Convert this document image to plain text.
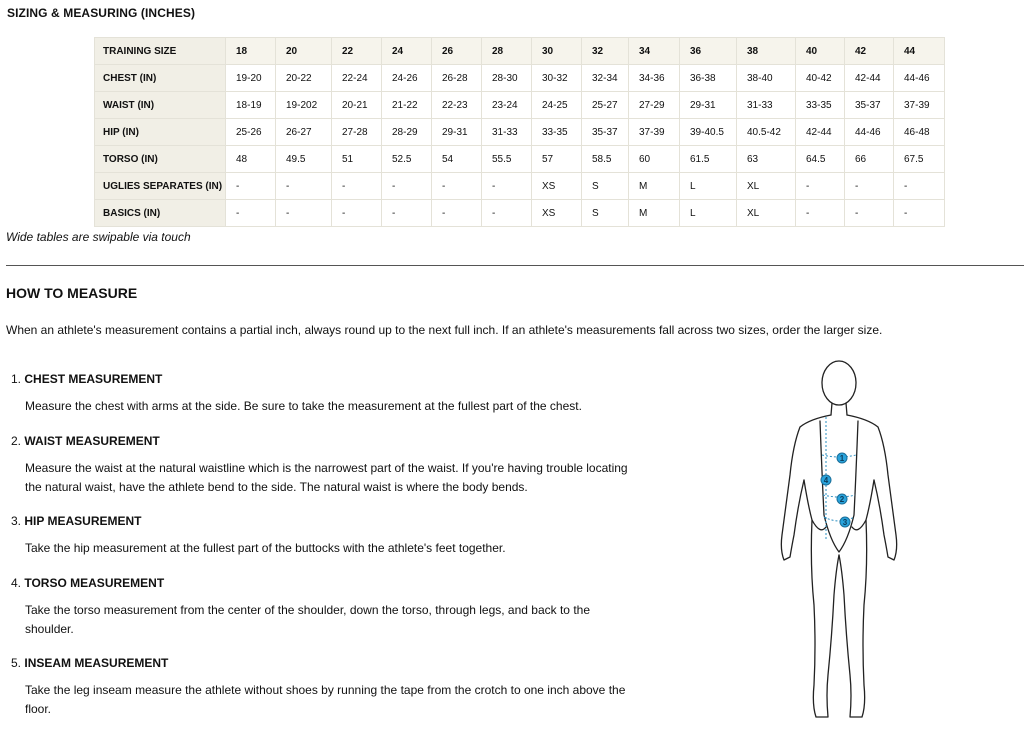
SIZING & MEASURING (INCHES)
TRAINING SIZE	18	20	22	24	26	28	30	32	34	36	38	40	42	44
CHEST (IN)	19-20	20-22	22-24	24-26	26-28	28-30	30-32	32-34	34-36	36-38	38-40	40-42	42-44	44-46
WAIST (IN)	18-19	19-202	20-21	21-22	22-23	23-24	24-25	25-27	27-29	29-31	31-33	33-35	35-37	37-39
HIP (IN)	25-26	26-27	27-28	28-29	29-31	31-33	33-35	35-37	37-39	39-40.5	40.5-42	42-44	44-46	46-48
TORSO (IN)	48	49.5	51	52.5	54	55.5	57	58.5	60	61.5	63	64.5	66	67.5
UGLIES SEPARATES (IN)	-	-	-	-	-	-	XS	S	M	L	XL	-	-	-
BASICS (IN)	-	-	-	-	-	-	XS	S	M	L	XL	-	-	-
Wide tables are swipable via touch
HOW TO MEASURE
When an athlete's measurement contains a partial inch, always round up to the next full inch. If an athlete's measurements fall across two sizes, order the larger size.
1. CHEST MEASUREMENT
Measure the chest with arms at the side. Be sure to take the measurement at the fullest part of the chest.
2. WAIST MEASUREMENT
Measure the waist at the natural waistline which is the narrowest part of the waist. If you're having trouble locating
the natural waist, have the athlete bend to the side. The natural waist is where the body bends.
3. HIP MEASUREMENT
Take the hip measurement at the fullest part of the buttocks with the athlete's feet together.
4. TORSO MEASUREMENT
Take the torso measurement from the center of the shoulder, down the torso, through legs, and back to the
shoulder.
5. INSEAM MEASUREMENT
Take the leg inseam measure the athlete without shoes by running the tape from the crotch to one inch above the
floor.
1
2
3
4
